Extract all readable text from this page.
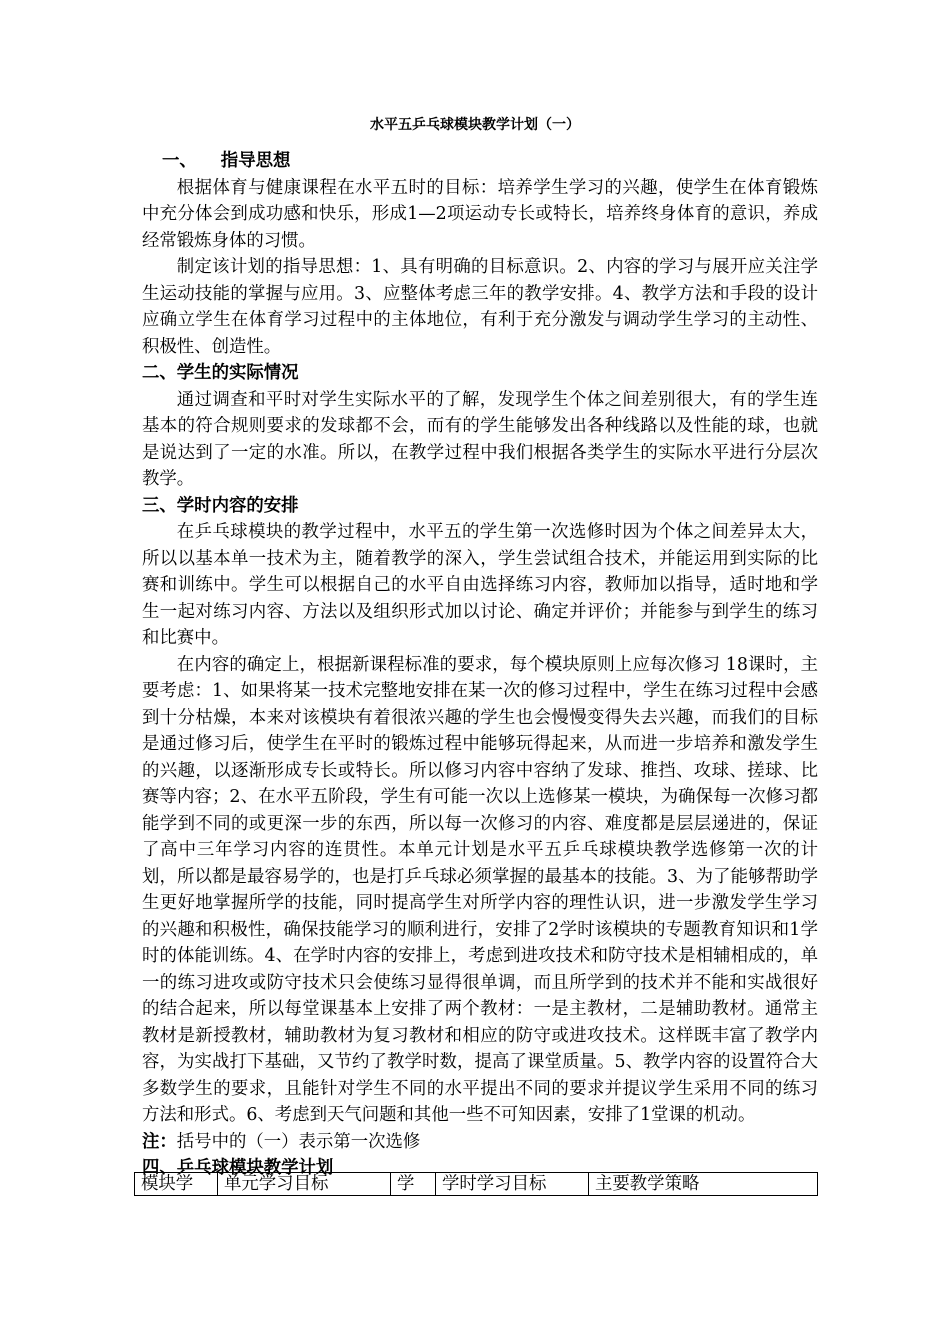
水平五乒乓球模块教学计划（一）

一、 指导思想

根据体育与健康课程在水平五时的目标：培养学生学习的兴趣，使学生在体育锻炼中充分体会到成功感和快乐，形成1—2项运动专长或特长，培养终身体育的意识，养成经常锻炼身体的习惯。

制定该计划的指导思想：1、具有明确的目标意识。2、内容的学习与展开应关注学生运动技能的掌握与应用。3、应整体考虑三年的教学安排。4、教学方法和手段的设计应确立学生在体育学习过程中的主体地位，有利于充分激发与调动学生学习的主动性、积极性、创造性。

二、学生的实际情况

通过调查和平时对学生实际水平的了解，发现学生个体之间差别很大，有的学生连基本的符合规则要求的发球都不会，而有的学生能够发出各种线路以及性能的球，也就是说达到了一定的水准。所以，在教学过程中我们根据各类学生的实际水平进行分层次教学。

三、学时内容的安排

在乒乓球模块的教学过程中，水平五的学生第一次选修时因为个体之间差异太大，所以以基本单一技术为主，随着教学的深入，学生尝试组合技术，并能运用到实际的比赛和训练中。学生可以根据自己的水平自由选择练习内容，教师加以指导，适时地和学生一起对练习内容、方法以及组织形式加以讨论、确定并评价；并能参与到学生的练习和比赛中。

在内容的确定上，根据新课程标准的要求，每个模块原则上应每次修习 18课时，主要考虑：1、如果将某一技术完整地安排在某一次的修习过程中，学生在练习过程中会感到十分枯燥，本来对该模块有着很浓兴趣的学生也会慢慢变得失去兴趣，而我们的目标是通过修习后，使学生在平时的锻炼过程中能够玩得起来，从而进一步培养和激发学生的兴趣，以逐渐形成专长或特长。所以修习内容中容纳了发球、推挡、攻球、搓球、比赛等内容；2、在水平五阶段，学生有可能一次以上选修某一模块，为确保每一次修习都能学到不同的或更深一步的东西，所以每一次修习的内容、难度都是层层递进的，保证了高中三年学习内容的连贯性。本单元计划是水平五乒乓球模块教学选修第一次的计划，所以都是最容易学的，也是打乒乓球必须掌握的最基本的技能。3、为了能够帮助学生更好地掌握所学的技能，同时提高学生对所学内容的理性认识，进一步激发学生学习的兴趣和积极性，确保技能学习的顺利进行，安排了2学时该模块的专题教育知识和1学时的体能训练。4、在学时内容的安排上，考虑到进攻技术和防守技术是相辅相成的，单一的练习进攻或防守技术只会使练习显得很单调，而且所学到的技术并不能和实战很好的结合起来，所以每堂课基本上安排了两个教材：一是主教材，二是辅助教材。通常主教材是新授教材，辅助教材为复习教材和相应的防守或进攻技术。这样既丰富了教学内容，为实战打下基础，又节约了教学时数，提高了课堂质量。5、教学内容的设置符合大多数学生的要求，且能针对学生不同的水平提出不同的要求并提议学生采用不同的练习方法和形式。6、考虑到天气问题和其他一些不可知因素，安排了1堂课的机动。

注：括号中的（一）表示第一次选修

四、乒乓球模块教学计划

模块学	单元学习目标	学	学时学习目标	主要教学策略
